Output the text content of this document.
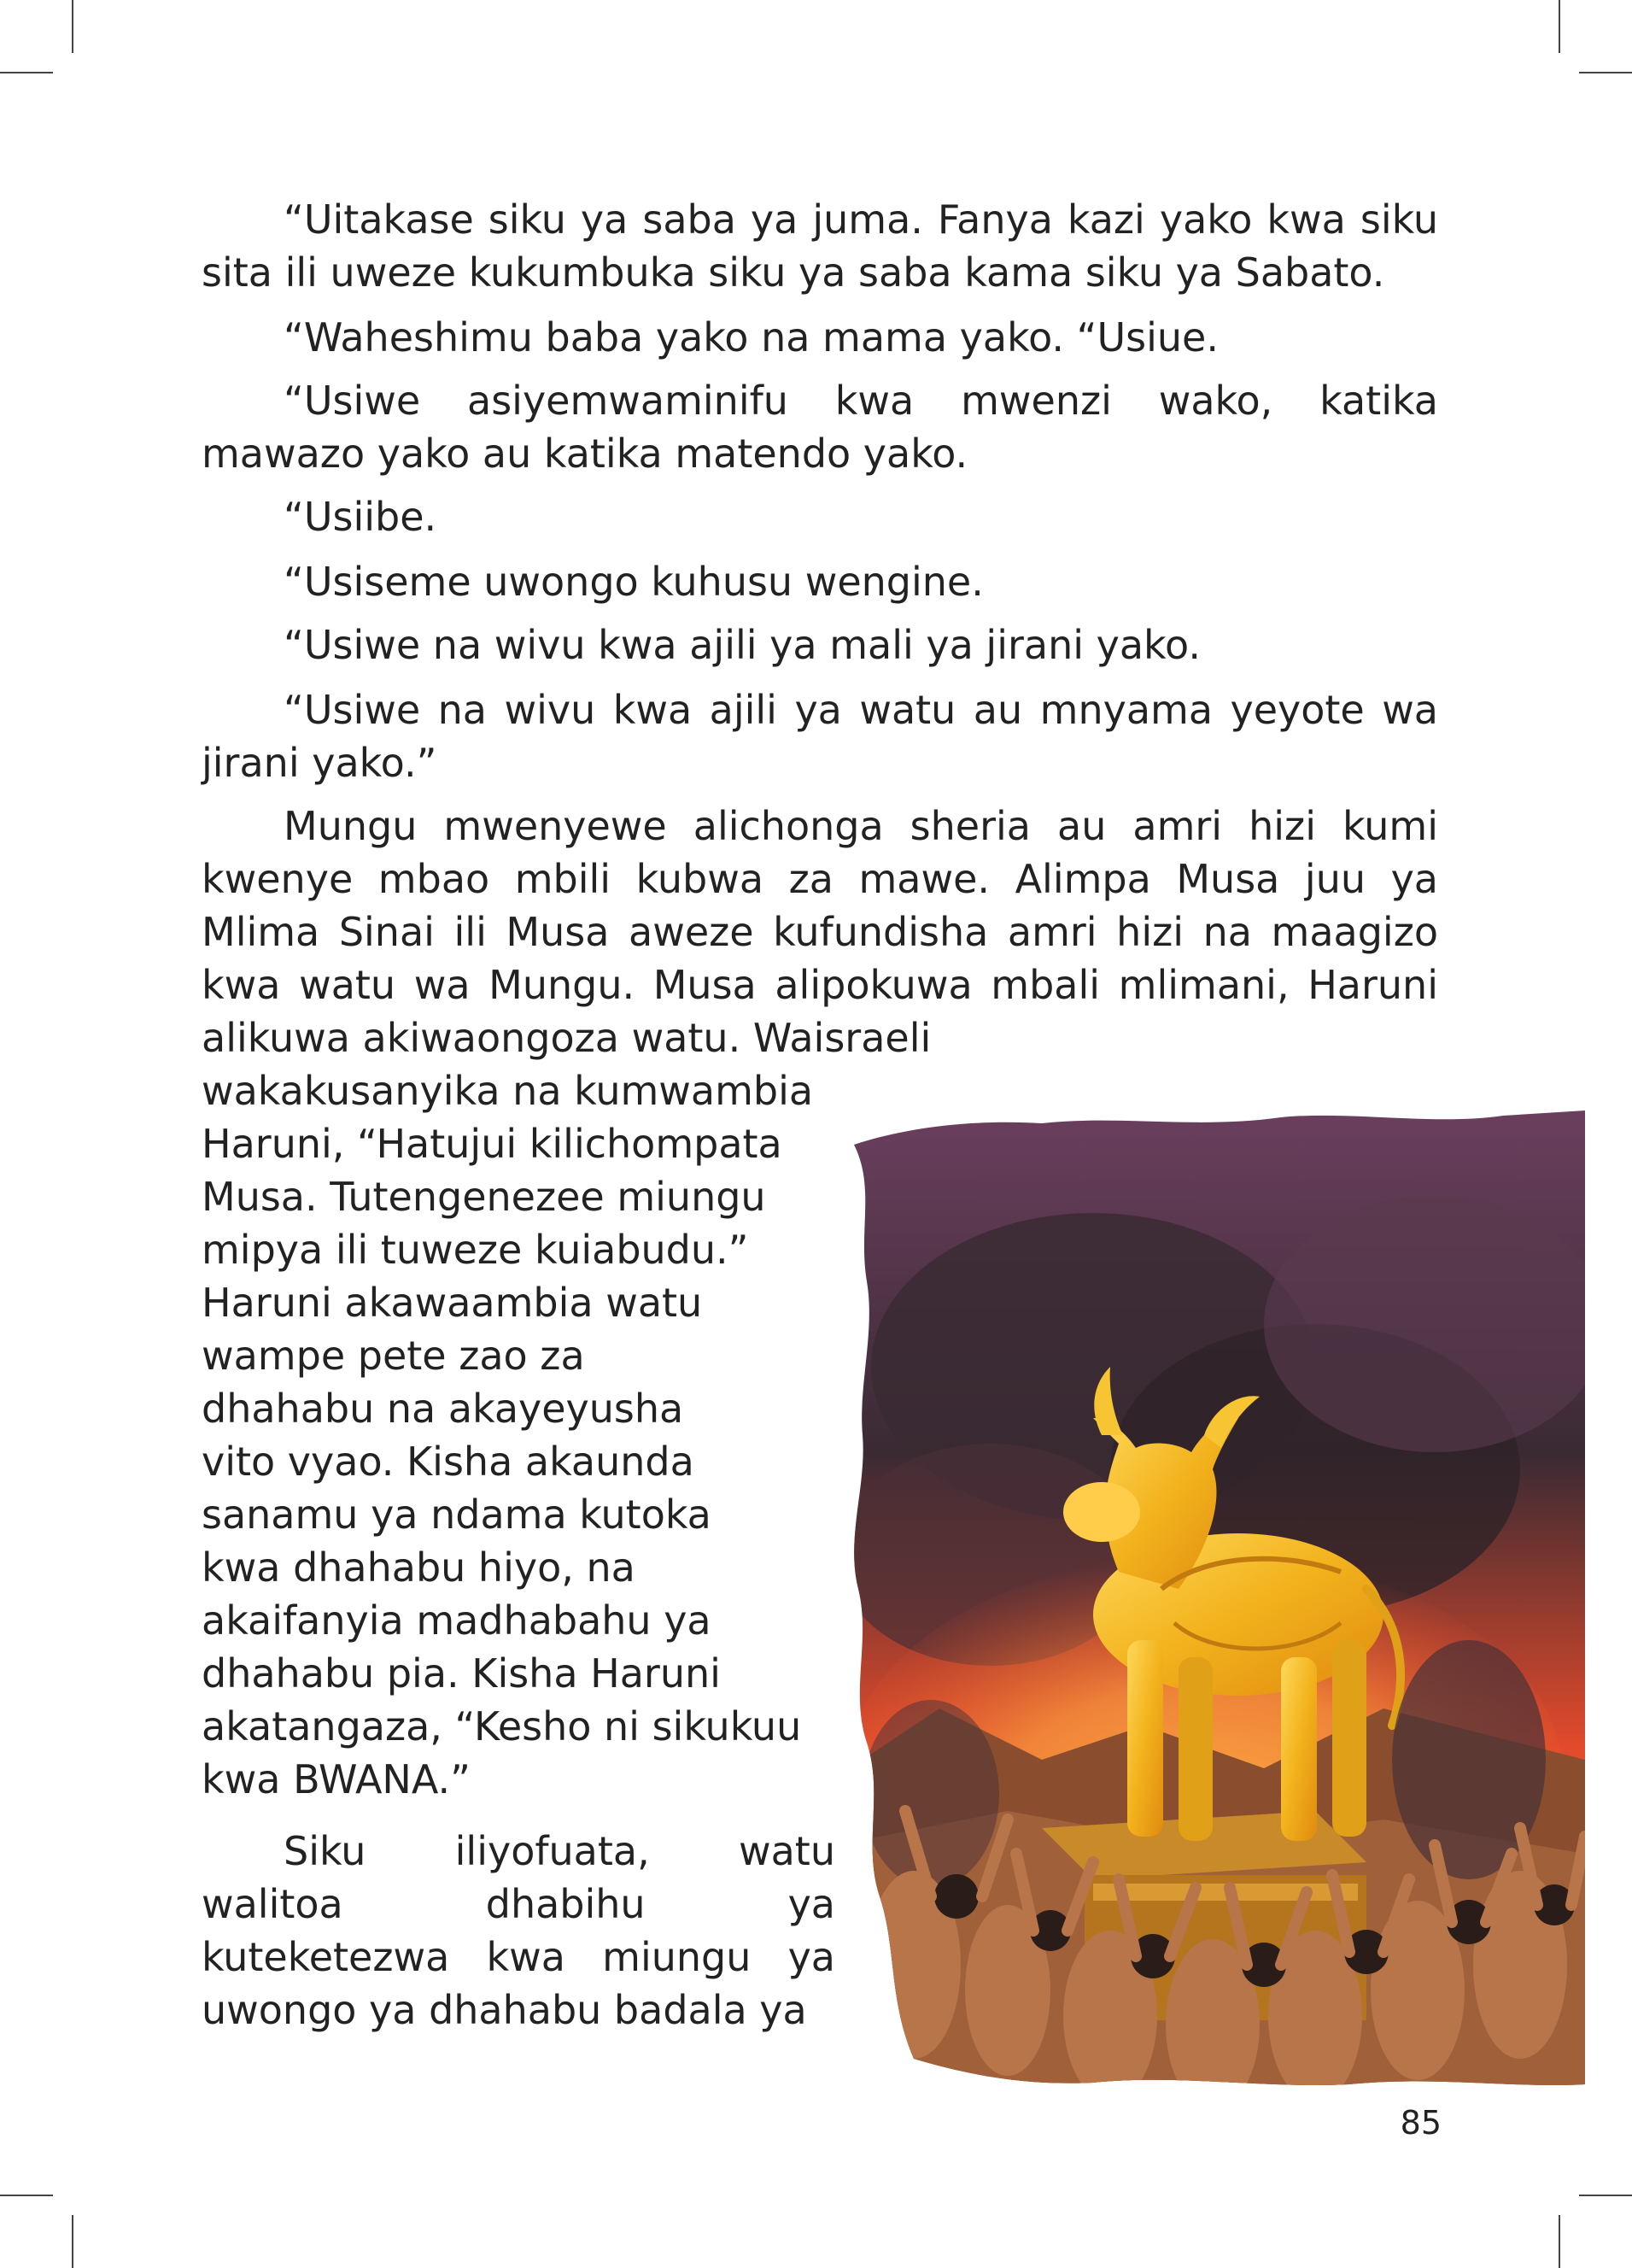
“Uitakase siku ya saba ya juma. Fanya kazi yako kwa siku sita ili uweze kukumbuka siku ya saba kama siku ya Sabato.

“Waheshimu baba yako na mama yako. “Usiue.

“Usiwe asiyemwaminifu kwa mwenzi wako, katika mawazo yako au katika matendo yako.

“Usiibe.

“Usiseme uwongo kuhusu wengine.

“Usiwe na wivu kwa ajili ya mali ya jirani yako.

“Usiwe na wivu kwa ajili ya watu au mnyama yeyote wa jirani yako.”

Mungu mwenyewe alichonga sheria au amri hizi kumi kwenye mbao mbili kubwa za mawe. Alimpa Musa juu ya Mlima Sinai ili Musa aweze kufundisha amri hizi na maagizo kwa watu wa Mungu. Musa alipokuwa mbali mlimani, Haruni alikuwa akiwaongoza watu. Waisraeli

wakakusanyika na kumwambia
Haruni, “Hatujui kilichompata
Musa. Tutengenezee miungu
mipya ili tuweze kuiabudu.”
Haruni akawaambia watu
wampe pete zao za
dhahabu na akayeyusha
vito vyao. Kisha akaunda
sanamu ya ndama kutoka
kwa dhahabu hiyo, na
akaifanyia madhabahu ya
dhahabu pia. Kisha Haruni
akatangaza, “Kesho ni sikukuu
kwa BWANA.”

Siku iliyofuata, watu walitoa dhabihu ya kuteketezwa kwa miungu ya uwongo ya dhahabu badala ya

85
